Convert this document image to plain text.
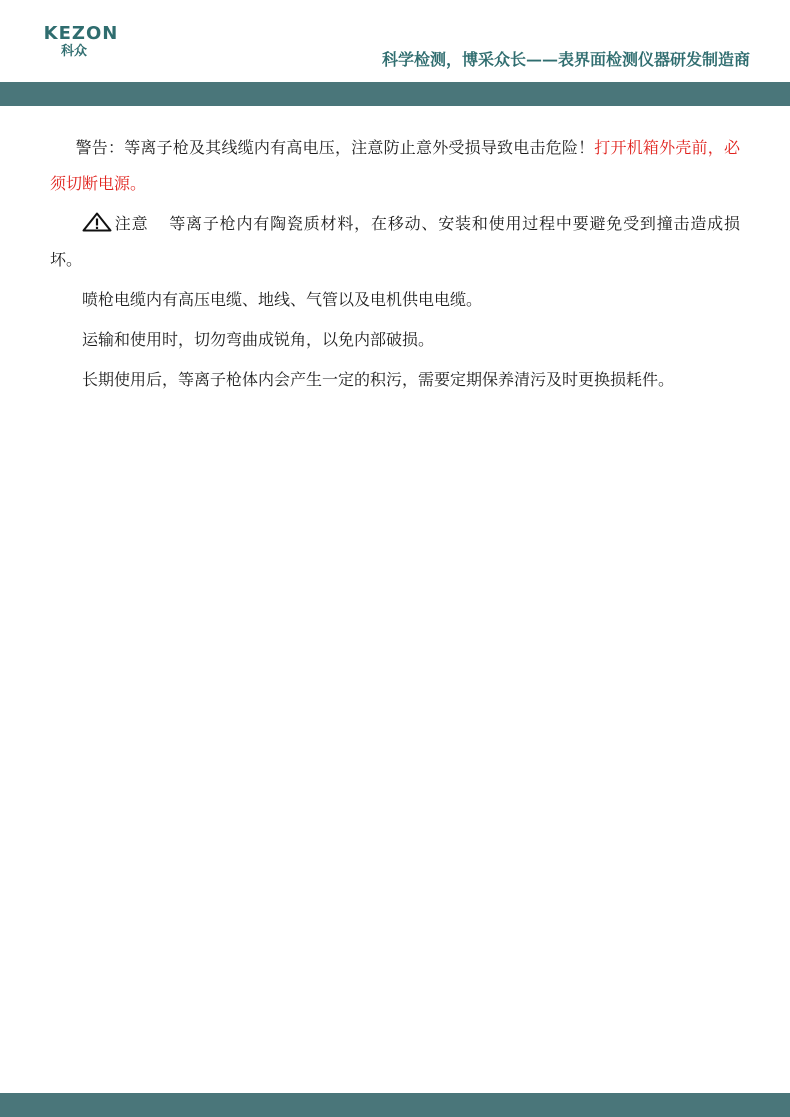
KEZON
科众	科学检测，博采众长——表界面检测仪器研发制造商

警告：等离子枪及其线缆内有高电压，注意防止意外受损导致电击危险！打开机箱外壳前，必须切断电源。

注意 等离子枪内有陶瓷质材料，在移动、安装和使用过程中要避免受到撞击造成损坏。

喷枪电缆内有高压电缆、地线、气管以及电机供电电缆。

运输和使用时，切勿弯曲成锐角，以免内部破损。

长期使用后，等离子枪体内会产生一定的积污，需要定期保养清污及时更换损耗件。
